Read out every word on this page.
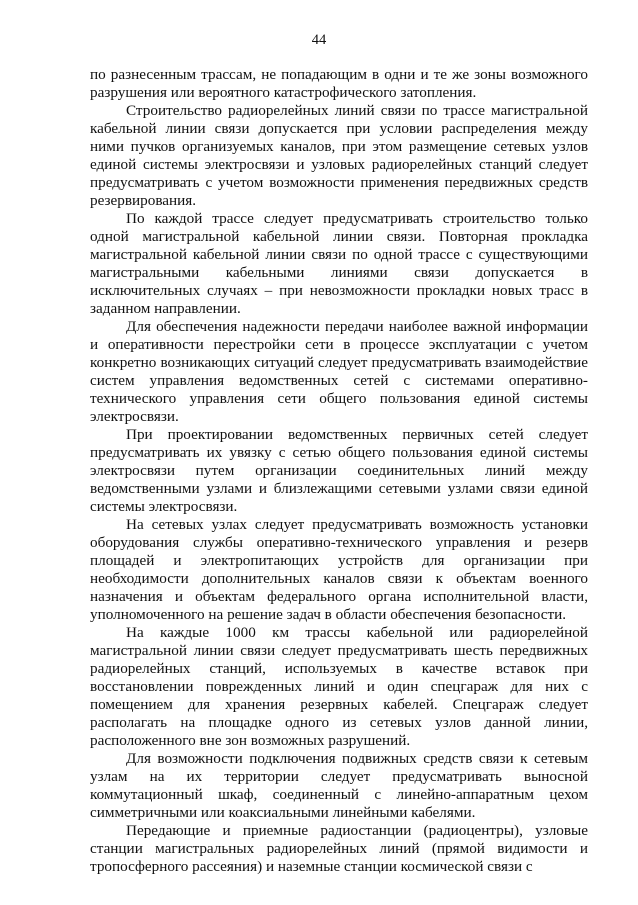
44

по разнесенным трассам, не попадающим в одни и те же зоны возможного разрушения или вероятного катастрофического затопления.

Строительство радиорелейных линий связи по трассе магистральной кабельной линии связи допускается при условии распределения между ними пучков организуемых каналов, при этом размещение сетевых узлов единой системы электросвязи и узловых радиорелейных станций следует предусматривать с учетом возможности применения передвижных средств резервирования.

По каждой трассе следует предусматривать строительство только одной магистральной кабельной линии связи. Повторная прокладка магистральной кабельной линии связи по одной трассе с существующими магистральными кабельными линиями связи допускается в исключительных случаях – при невозможности прокладки новых трасс в заданном направлении.

Для обеспечения надежности передачи наиболее важной информации и оперативности перестройки сети в процессе эксплуатации с учетом конкретно возникающих ситуаций следует предусматривать взаимодействие систем управления ведомственных сетей с системами оперативно-технического управления сети общего пользования единой системы электросвязи.

При проектировании ведомственных первичных сетей следует предусматривать их увязку с сетью общего пользования единой системы электросвязи путем организации соединительных линий между ведомственными узлами и близлежащими сетевыми узлами связи единой системы электросвязи.

На сетевых узлах следует предусматривать возможность установки оборудования службы оперативно-технического управления и резерв площадей и электропитающих устройств для организации при необходимости дополнительных каналов связи к объектам военного назначения и объектам федерального органа исполнительной власти, уполномоченного на решение задач в области обеспечения безопасности.

На каждые 1000 км трассы кабельной или радиорелейной магистральной линии связи следует предусматривать шесть передвижных радиорелейных станций, используемых в качестве вставок при восстановлении поврежденных линий и один спецгараж для них с помещением для хранения резервных кабелей. Спецгараж следует располагать на площадке одного из сетевых узлов данной линии, расположенного вне зон возможных разрушений.

Для возможности подключения подвижных средств связи к сетевым узлам на их территории следует предусматривать выносной коммутационный шкаф, соединенный с линейно-аппаратным цехом симметричными или коаксиальными линейными кабелями.

Передающие и приемные радиостанции (радиоцентры), узловые станции магистральных радиорелейных линий (прямой видимости и тропосферного рассеяния) и наземные станции космической связи с
